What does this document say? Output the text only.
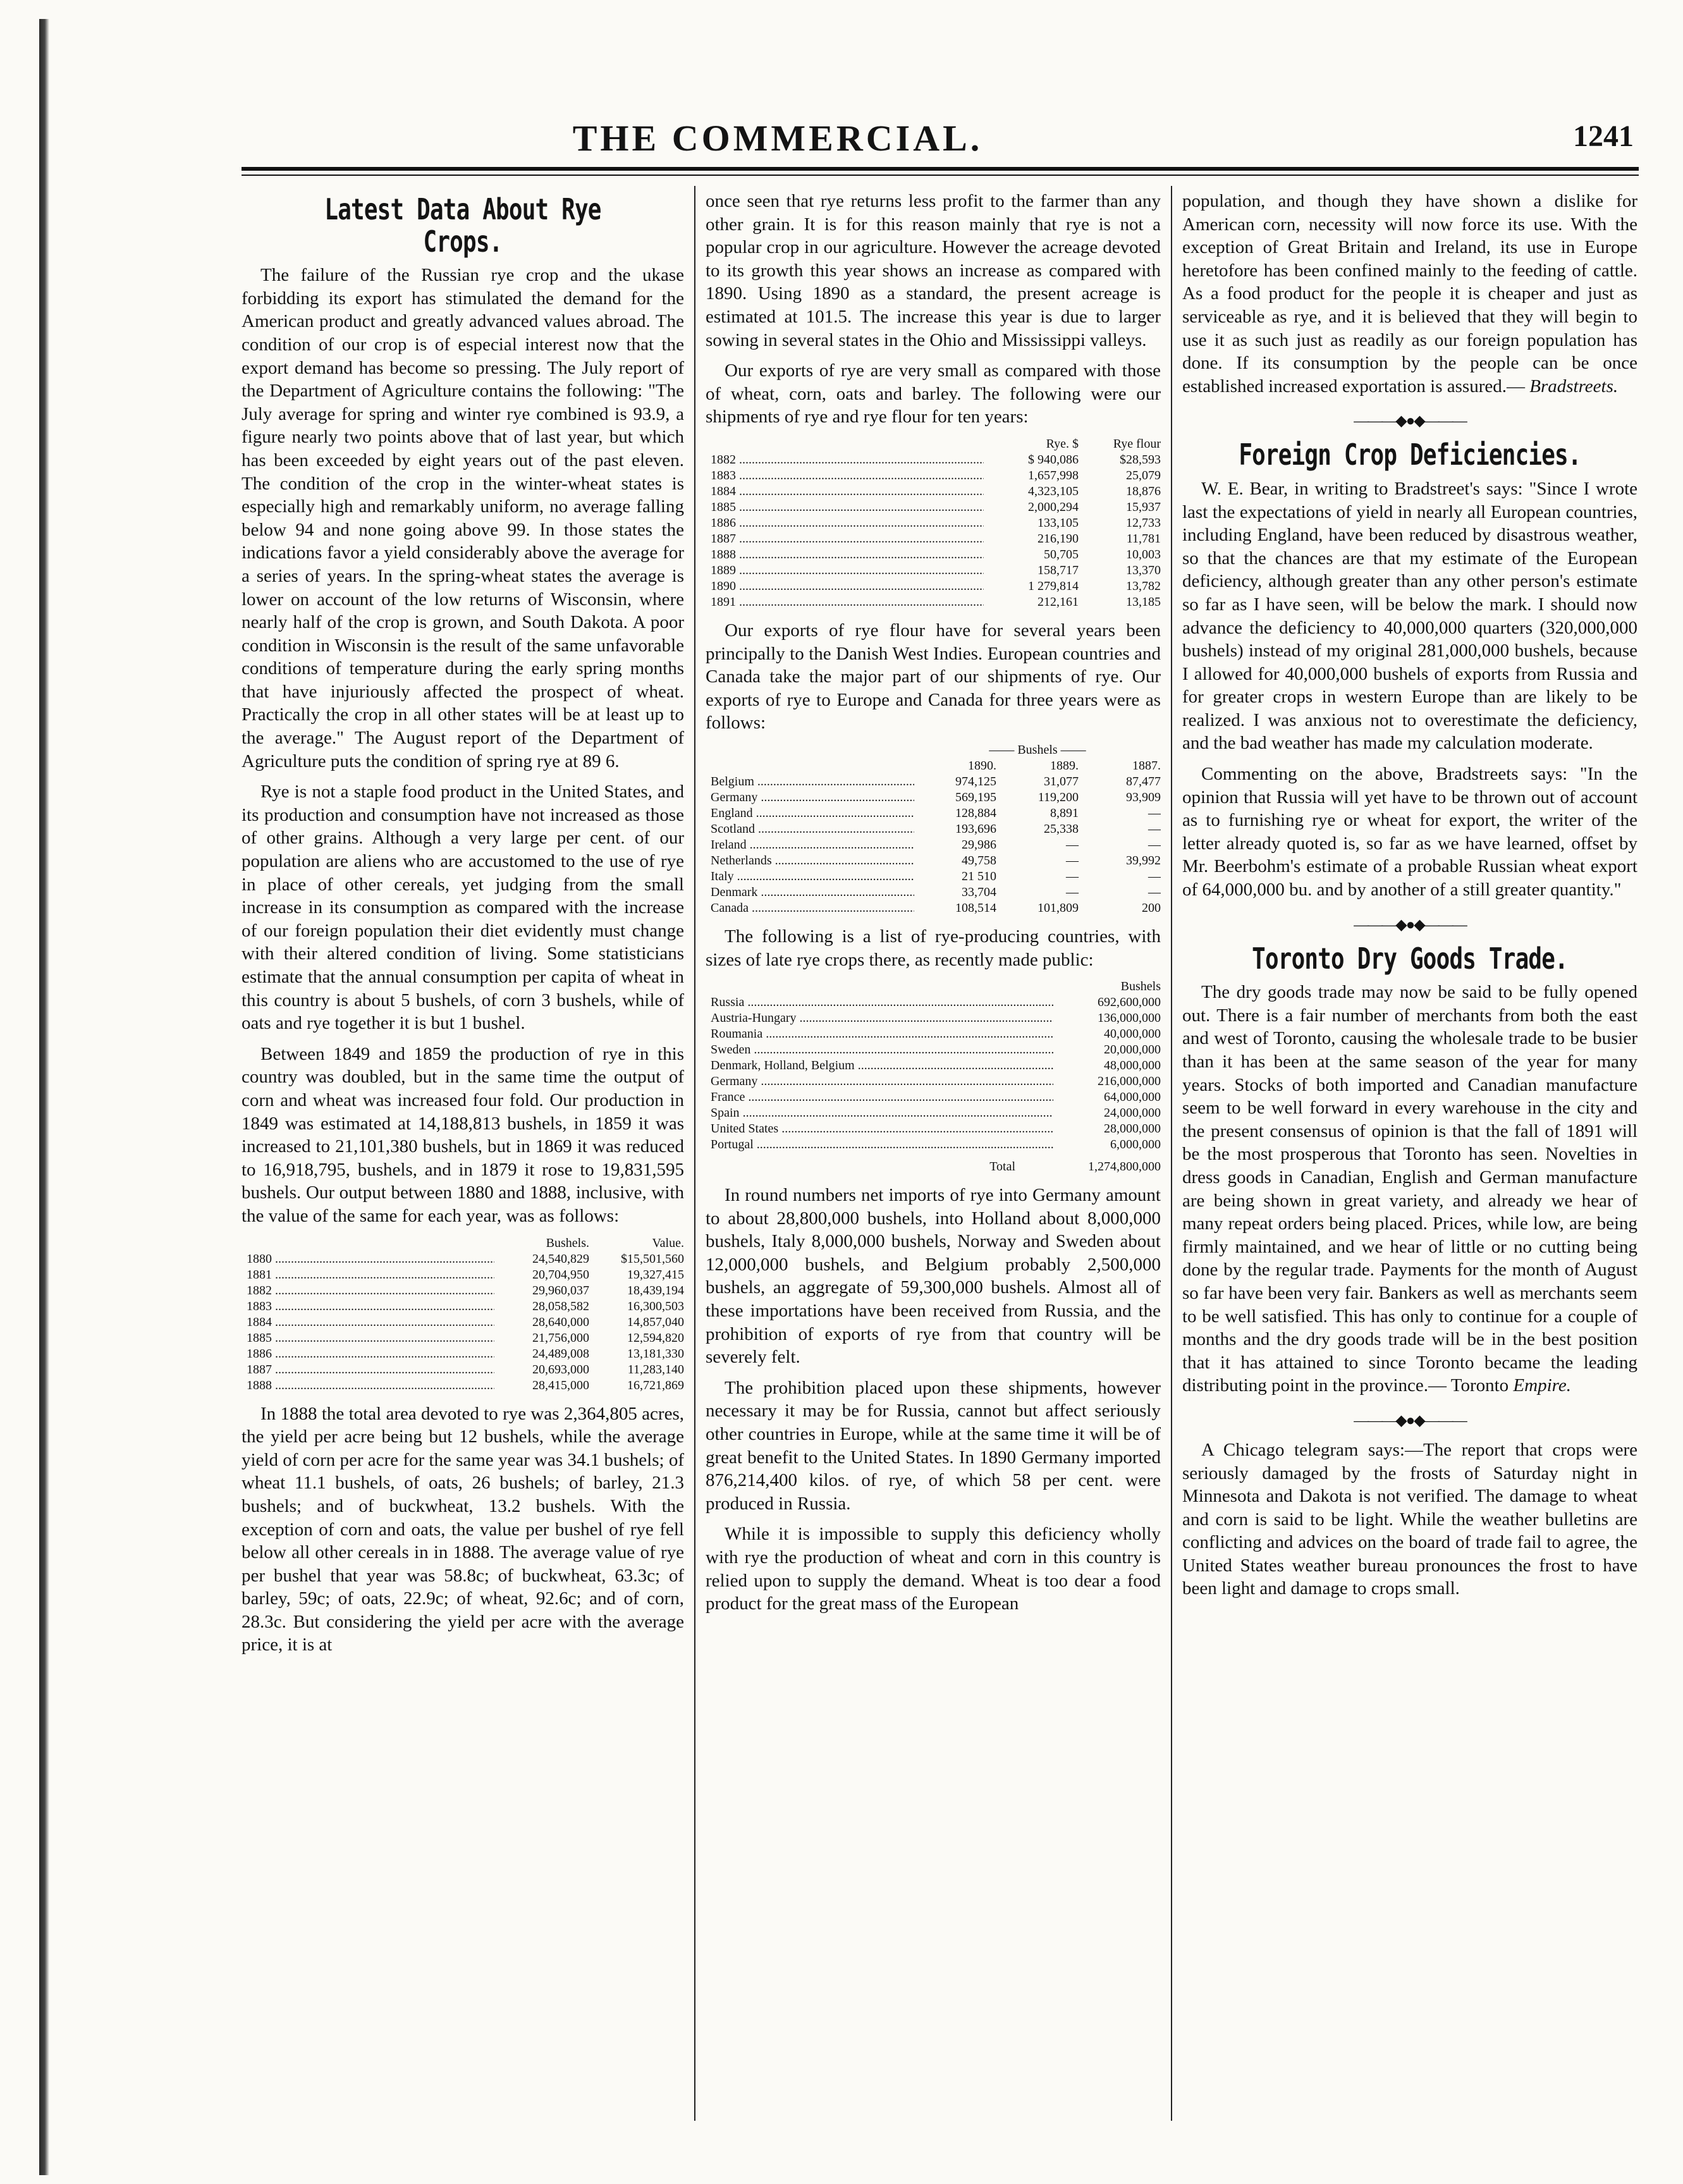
THE COMMERCIAL.	1241
Latest Data About Rye Crops.

The failure of the Russian rye crop and the ukase forbidding its export has stimulated the demand for the American product and greatly advanced values abroad. The condition of our crop is of especial interest now that the export demand has become so pressing. The July report of the Department of Agriculture contains the following: "The July average for spring and winter rye combined is 93.9, a figure nearly two points above that of last year, but which has been exceeded by eight years out of the past eleven. The condition of the crop in the winter-wheat states is especially high and remarkably uniform, no average falling below 94 and none going above 99. In those states the indications favor a yield considerably above the average for a series of years. In the spring-wheat states the average is lower on account of the low returns of Wisconsin, where nearly half of the crop is grown, and South Dakota. A poor condition in Wisconsin is the result of the same unfavorable conditions of temperature during the early spring months that have injuriously affected the prospect of wheat. Practically the crop in all other states will be at least up to the average." The August report of the Department of Agriculture puts the condition of spring rye at 89 6.

Rye is not a staple food product in the United States, and its production and consumption have not increased as those of other grains. Although a very large per cent. of our population are aliens who are accustomed to the use of rye in place of other cereals, yet judging from the small increase in its consumption as compared with the increase of our foreign population their diet evidently must change with their altered condition of living. Some statisticians estimate that the annual consumption per capita of wheat in this country is about 5 bushels, of corn 3 bushels, while of oats and rye together it is but 1 bushel.

Between 1849 and 1859 the production of rye in this country was doubled, but in the same time the output of corn and wheat was increased four fold. Our production in 1849 was estimated at 14,188,813 bushels, in 1859 it was increased to 21,101,380 bushels, but in 1869 it was reduced to 16,918,795, bushels, and in 1879 it rose to 19,831,595 bushels. Our output between 1880 and 1888, inclusive, with the value of the same for each year, was as follows:

Bushels.	Value.
1880 .....	24,540,829	$15,501,560
1881 .....	20,704,950	19,327,415
1882 .....	29,960,037	18,439,194
1883 .....	28,058,582	16,300,503
1884 .....	28,640,000	14,857,040
1885 .....	21,756,000	12,594,820
1886 .....	24,489,008	13,181,330
1887 .....	20,693,000	11,283,140
1888 .....	28,415,000	16,721,869

In 1888 the total area devoted to rye was 2,364,805 acres, the yield per acre being but 12 bushels, while the average yield of corn per acre for the same year was 34.1 bushels; of wheat 11.1 bushels, of oats, 26 bushels; of barley, 21.3 bushels; and of buckwheat, 13.2 bushels. With the exception of corn and oats, the value per bushel of rye fell below all other cereals in in 1888. The average value of rye per bushel that year was 58.8c; of buckwheat, 63.3c; of barley, 59c; of oats, 22.9c; of wheat, 92.6c; and of corn, 28.3c. But considering the yield per acre with the average price, it is at

once seen that rye returns less profit to the farmer than any other grain. It is for this reason mainly that rye is not a popular crop in our agriculture. However the acreage devoted to its growth this year shows an increase as compared with 1890. Using 1890 as a standard, the present acreage is estimated at 101.5. The increase this year is due to larger sowing in several states in the Ohio and Mississippi valleys.

Our exports of rye are very small as compared with those of wheat, corn, oats and barley. The following were our shipments of rye and rye flour for ten years:

Rye. $	Rye flour
1882 .....	$ 940,086	$28,593
1883 .....	1,657,998	25,079
1884 .....	4,323,105	18,876
1885 .....	2,000,294	15,937
1886 .....	133,105	12,733
1887 .....	216,190	11,781
1888 .....	50,705	10,003
1889 .....	158,717	13,370
1890 .....	1 279,814	13,782
1891 .....	212,161	13,185

Our exports of rye flour have for several years been principally to the Danish West Indies. European countries and Canada take the major part of our shipments of rye. Our exports of rye to Europe and Canada for three years were as follows:

—— Bushels ——
1890.	1889.	1887.
Belgium .....	974,125	31,077	87,477
Germany .....	569,195	119,200	93,909
England .....	128,884	8,891	—
Scotland .....	193,696	25,338	—
Ireland .....	29,986	—	—
Netherlands .....	49,758	—	39,992
Italy .....	21 510	—	—
Denmark .....	33,704	—	—
Canada .....	108,514	101,809	200

The following is a list of rye-producing countries, with sizes of late rye crops there, as recently made public:

Bushels
Russia .....	692,600,000
Austria-Hungary .....	136,000,000
Roumania .....	40,000,000
Sweden .....	20,000,000
Denmark, Holland, Belgium .....	48,000,000
Germany .....	216,000,000
France .....	64,000,000
Spain .....	24,000,000
United States .....	28,000,000
Portugal .....	6,000,000
Total	1,274,800,000

In round numbers net imports of rye into Germany amount to about 28,800,000 bushels, into Holland about 8,000,000 bushels, Italy 8,000,000 bushels, Norway and Sweden about 12,000,000 bushels, and Belgium probably 2,500,000 bushels, an aggregate of 59,300,000 bushels. Almost all of these importations have been received from Russia, and the prohibition of exports of rye from that country will be severely felt.

The prohibition placed upon these shipments, however necessary it may be for Russia, cannot but affect seriously other countries in Europe, while at the same time it will be of great benefit to the United States. In 1890 Germany imported 876,214,400 kilos. of rye, of which 58 per cent. were produced in Russia.

While it is impossible to supply this deficiency wholly with rye the production of wheat and corn in this country is relied upon to supply the demand. Wheat is too dear a food product for the great mass of the European

population, and though they have shown a dislike for American corn, necessity will now force its use. With the exception of Great Britain and Ireland, its use in Europe heretofore has been confined mainly to the feeding of cattle. As a food product for the people it is cheaper and just as serviceable as rye, and it is believed that they will begin to use it as such just as readily as our foreign population has done. If its consumption by the people can be once established increased exportation is assured.— Bradstreets.

———◆●◆———
Foreign Crop Deficiencies.

W. E. Bear, in writing to Bradstreet's says: "Since I wrote last the expectations of yield in nearly all European countries, including England, have been reduced by disastrous weather, so that the chances are that my estimate of the European deficiency, although greater than any other person's estimate so far as I have seen, will be below the mark. I should now advance the deficiency to 40,000,000 quarters (320,000,000 bushels) instead of my original 281,000,000 bushels, because I allowed for 40,000,000 bushels of exports from Russia and for greater crops in western Europe than are likely to be realized. I was anxious not to overestimate the deficiency, and the bad weather has made my calculation moderate.

Commenting on the above, Bradstreets says: "In the opinion that Russia will yet have to be thrown out of account as to furnishing rye or wheat for export, the writer of the letter already quoted is, so far as we have learned, offset by Mr. Beerbohm's estimate of a probable Russian wheat export of 64,000,000 bu. and by another of a still greater quantity."

———◆●◆———
Toronto Dry Goods Trade.

The dry goods trade may now be said to be fully opened out. There is a fair number of merchants from both the east and west of Toronto, causing the wholesale trade to be busier than it has been at the same season of the year for many years. Stocks of both imported and Canadian manufacture seem to be well forward in every warehouse in the city and the present consensus of opinion is that the fall of 1891 will be the most prosperous that Toronto has seen. Novelties in dress goods in Canadian, English and German manufacture are being shown in great variety, and already we hear of many repeat orders being placed. Prices, while low, are being firmly maintained, and we hear of little or no cutting being done by the regular trade. Payments for the month of August so far have been very fair. Bankers as well as merchants seem to be well satisfied. This has only to continue for a couple of months and the dry goods trade will be in the best position that it has attained to since Toronto became the leading distributing point in the province.— Toronto Empire.

———◆●◆———

A Chicago telegram says:—The report that crops were seriously damaged by the frosts of Saturday night in Minnesota and Dakota is not verified. The damage to wheat and corn is said to be light. While the weather bulletins are conflicting and advices on the board of trade fail to agree, the United States weather bureau pronounces the frost to have been light and damage to crops small.
